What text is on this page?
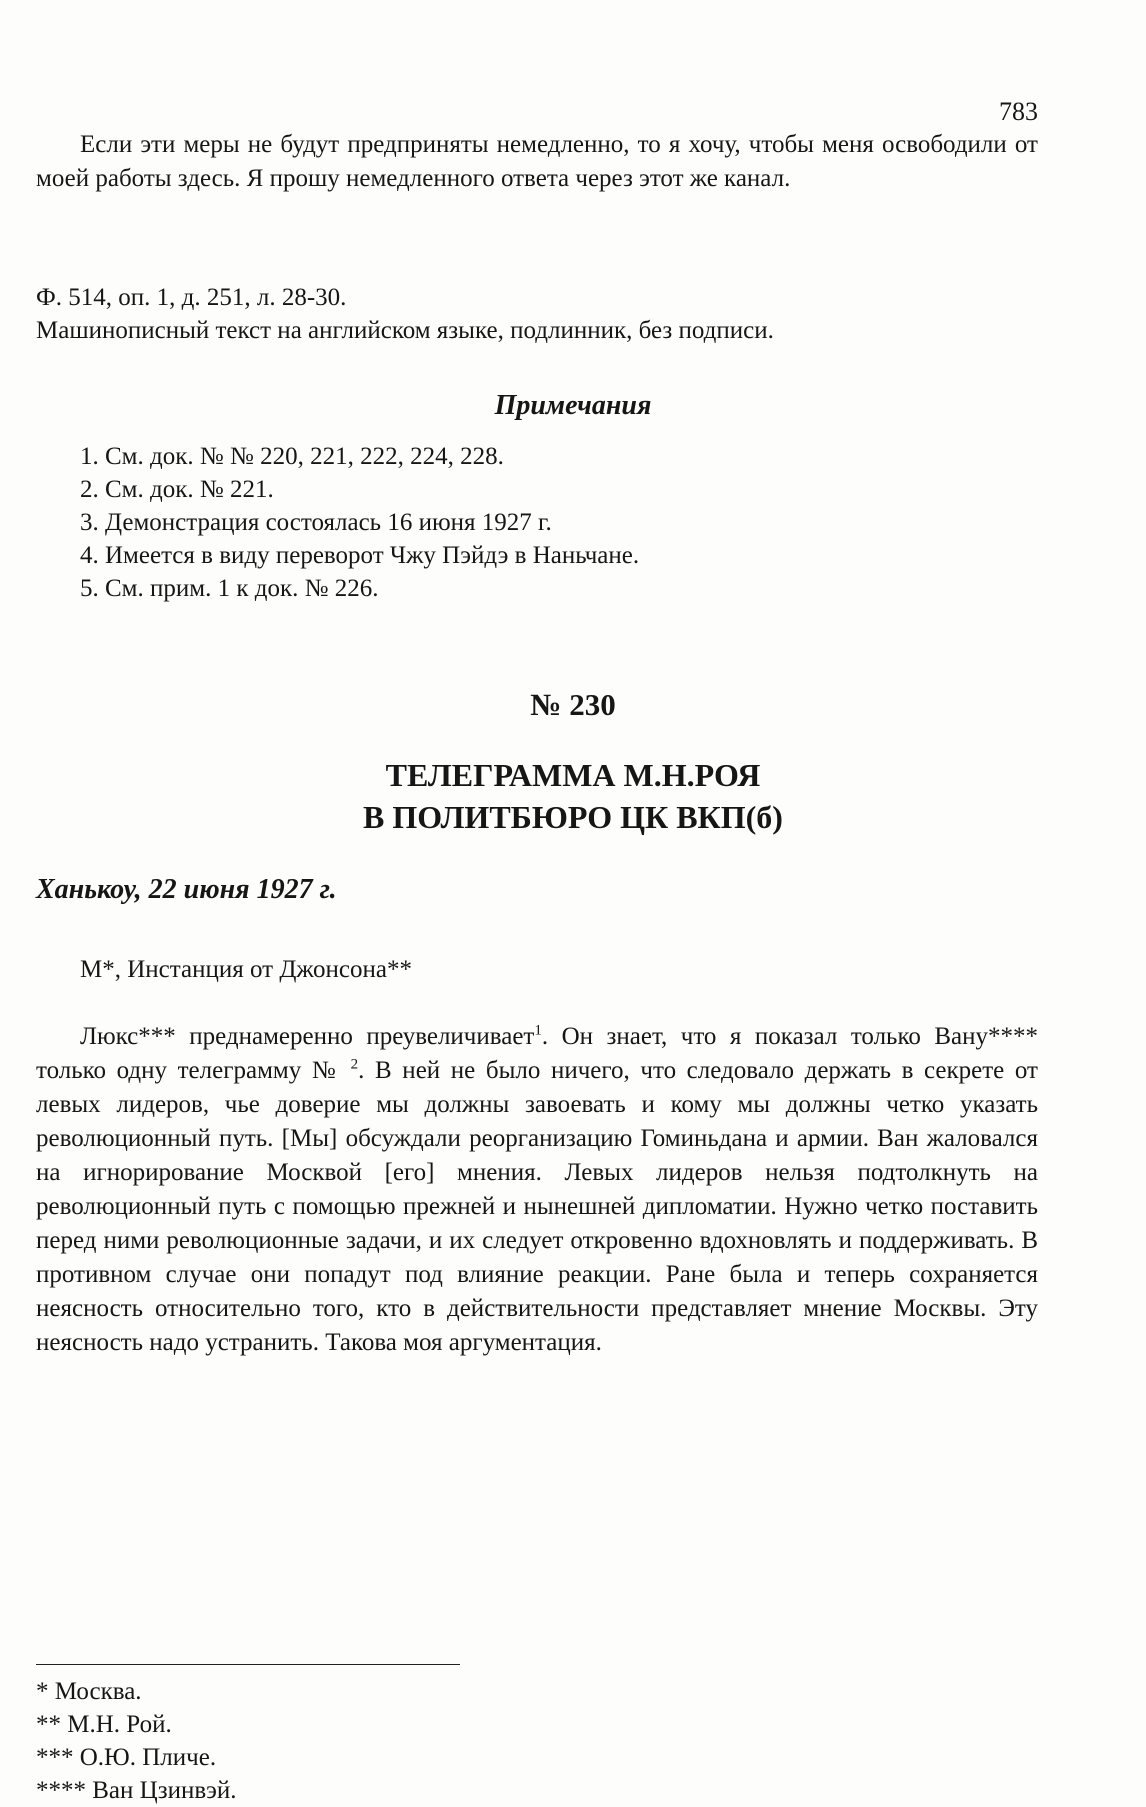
783

Если эти меры не будут предприняты немедленно, то я хочу, чтобы меня освободили от моей работы здесь. Я прошу немедленного ответа через этот же канал.

Ф. 514, оп. 1, д. 251, л. 28-30.
Машинописный текст на английском языке, подлинник, без подписи.
Примечания
1. См. док. № № 220, 221, 222, 224, 228.
2. См. док. № 221.
3. Демонстрация состоялась 16 июня 1927 г.
4. Имеется в виду переворот Чжу Пэйдэ в Наньчане.
5. См. прим. 1 к док. № 226.
№ 230
ТЕЛЕГРАММА М.Н.РОЯ
В ПОЛИТБЮРО ЦК ВКП(б)
Ханькоу, 22 июня 1927 г.
M*, Инстанция от Джонсона**

Люкс*** преднамеренно преувеличивает$^1$. Он знает, что я показал только Вану**** только одну телеграмму № $^2$. В ней не было ничего, что следовало держать в секрете от левых лидеров, чье доверие мы должны завоевать и кому мы должны четко указать революционный путь. [Мы] обсуждали реорганизацию Гоминьдана и армии. Ван жаловался на игнорирование Москвой [его] мнения. Левых лидеров нельзя подтолкнуть на революционный путь с помощью прежней и нынешней дипломатии. Нужно четко поставить перед ними революционные задачи, и их следует откровенно вдохновлять и поддерживать. В противном случае они попадут под влияние реакции. Ране была и теперь сохраняется неясность относительно того, кто в действительности представляет мнение Москвы. Эту неясность надо устранить. Такова моя аргументация.

* Москва.
** М.Н. Рой.
*** О.Ю. Пличе.
**** Ван Цзинвэй.
